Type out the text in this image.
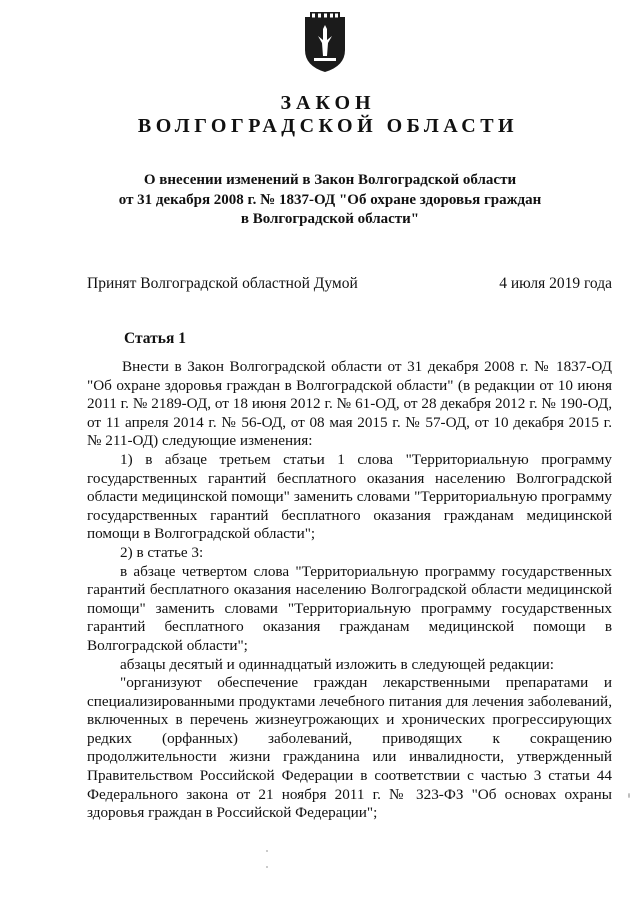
ЗАКОН
ВОЛГОГРАДСКОЙ ОБЛАСТИ
О внесении изменений в Закон Волгоградской области
от 31 декабря 2008 г. № 1837-ОД "Об охране здоровья граждан
в Волгоградской области"
Принят Волгоградской областной Думой	4 июля 2019 года
Статья 1

Внести в Закон Волгоградской области от 31 декабря 2008 г. № 1837-ОД "Об охране здоровья граждан в Волгоградской области" (в редакции от 10 июня 2011 г. № 2189-ОД, от 18 июня 2012 г. № 61-ОД, от 28 декабря 2012 г. № 190-ОД, от 11 апреля 2014 г. № 56-ОД, от 08 мая 2015 г. № 57-ОД, от 10 декабря 2015 г. № 211-ОД) следующие изменения:

1) в абзаце третьем статьи 1 слова "Территориальную программу государственных гарантий бесплатного оказания населению Волгоградской области медицинской помощи" заменить словами "Территориальную программу государственных гарантий бесплатного оказания гражданам медицинской помощи в Волгоградской области";

2) в статье 3:

в абзаце четвертом слова "Территориальную программу государственных гарантий бесплатного оказания населению Волгоградской области медицинской помощи" заменить словами "Территориальную программу государственных гарантий бесплатного оказания гражданам медицинской помощи в Волгоградской области";

абзацы десятый и одиннадцатый изложить в следующей редакции:

"организуют обеспечение граждан лекарственными препаратами и специализированными продуктами лечебного питания для лечения заболеваний, включенных в перечень жизнеугрожающих и хронических прогрессирующих редких (орфанных) заболеваний, приводящих к сокращению продолжительности жизни гражданина или инвалидности, утвержденный Правительством Российской Федерации в соответствии с частью 3 статьи 44 Федерального закона от 21 ноября 2011 г. № 323-ФЗ "Об основах охраны здоровья граждан в Российской Федерации";
